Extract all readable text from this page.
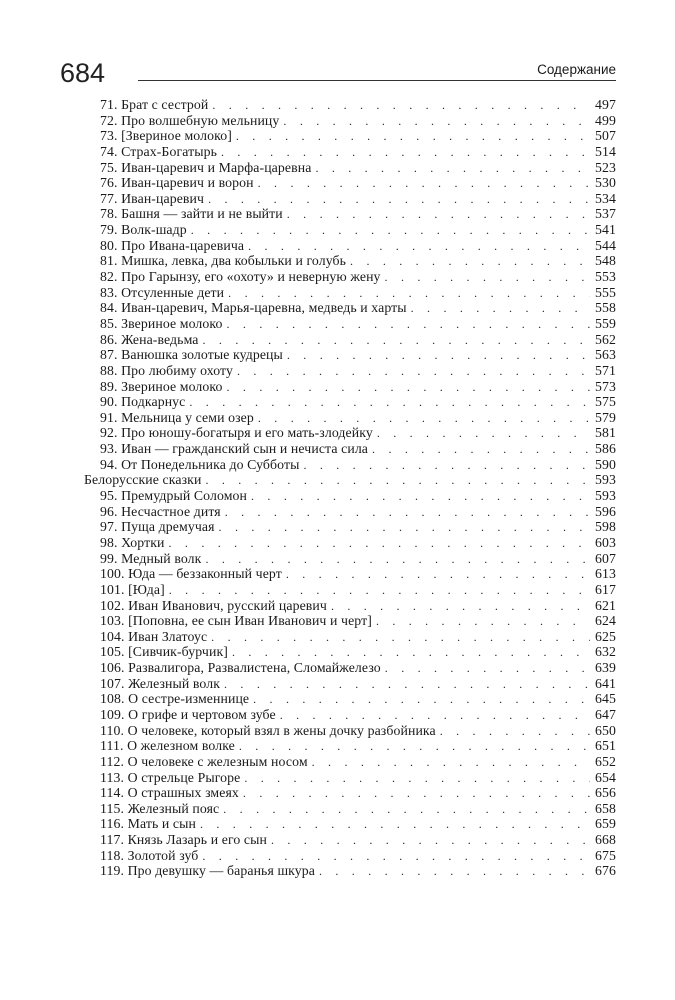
684	Содержание
71. Брат с сестрой . . .	497
72. Про волшебную мельницу . . .	499
73. [Звериное молоко] . . .	507
74. Страх-Богатырь . . .	514
75. Иван-царевич и Марфа-царевна . . .	523
76. Иван-царевич и ворон . . .	530
77. Иван-царевич . . .	534
78. Башня — зайти и не выйти . . .	537
79. Волк-шадр . . .	541
80. Про Ивана-царевича . . .	544
81. Мишка, левка, два кобыльки и голубь . . .	548
82. Про Гарынзу, его «охоту» и неверную жену . . .	553
83. Отсуленные дети . . .	555
84. Иван-царевич, Марья-царевна, медведь и харты . . .	558
85. Звериное молоко . . .	559
86. Жена-ведьма . . .	562
87. Ванюшка золотые кудрецы . . .	563
88. Про любиму охоту . . .	571
89. Звериное молоко . . .	573
90. Подкарнус . . .	575
91. Мельница у семи озер . . .	579
92. Про юношу-богатыря и его мать-злодейку . . .	581
93. Иван — гражданский сын и нечиста сила . . .	586
94. От Понедельника до Субботы . . .	590
Белорусские сказки . . .	593
95. Премудрый Соломон . . .	593
96. Несчастное дитя . . .	596
97. Пуща дремучая . . .	598
98. Хортки . . .	603
99. Медный волк . . .	607
100. Юда — беззаконный черт . . .	613
101. [Юда] . . .	617
102. Иван Иванович, русский царевич . . .	621
103. [Поповна, ее сын Иван Иванович и черт] . . .	624
104. Иван Златоус . . .	625
105. [Сивчик-бурчик] . . .	632
106. Развалигора, Развалистена, Сломайжелезо . . .	639
107. Железный волк . . .	641
108. О сестре-изменнице . . .	645
109. О грифе и чертовом зубе . . .	647
110. О человеке, который взял в жены дочку разбойника . . .	650
111. О железном волке . . .	651
112. О человеке с железным носом . . .	652
113. О стрельце Рыгоре . . .	654
114. О страшных змеях . . .	656
115. Железный пояс . . .	658
116. Мать и сын . . .	659
117. Князь Лазарь и его сын . . .	668
118. Золотой зуб . . .	675
119. Про девушку — баранья шкура . . .	676
